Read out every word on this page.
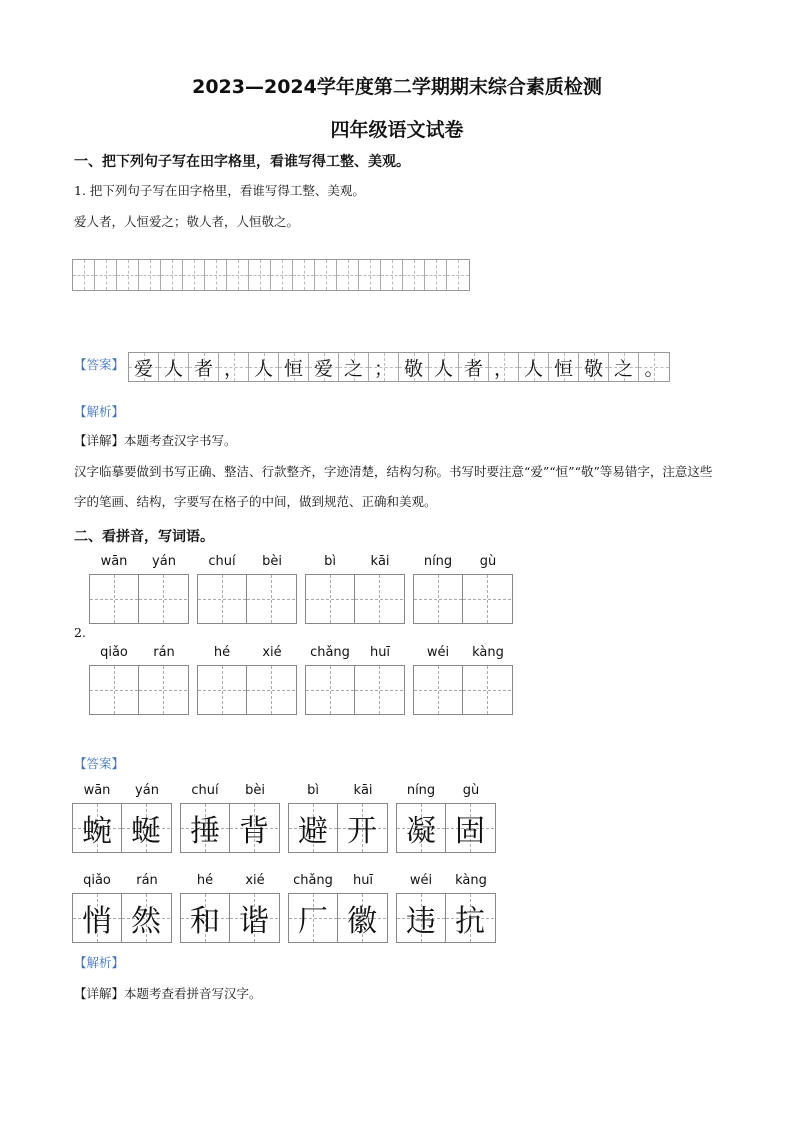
2023—2024学年度第二学期期末综合素质检测
四年级语文试卷
一、把下列句子写在田字格里，看谁写得工整、美观。
1. 把下列句子写在田字格里，看谁写得工整、美观。
爱人者，人恒爱之；敬人者，人恒敬之。
【答案】 爱 人 者 ， 人 恒 爱 之 ； 敬 人 者 ， 人 恒 敬 之 。
【解析】
【详解】本题考查汉字书写。
汉字临摹要做到书写正确、整洁、行款整齐，字迹清楚，结构匀称。书写时要注意“爱”“恒”“敬”等易错字，注意这些字的笔画、结构，字要写在格子的中间，做到规范、正确和美观。
二、看拼音，写词语。
wān	yán	chuí	bèi	bì	kāi	níng	gù
2.
qiǎo	rán	hé	xié	chǎng	huī	wéi	kàng
【答案】
wān	yán
蜿 蜒
chuí	bèi
捶 背
bì	kāi
避 开
níng	gù
凝 固
qiǎo	rán
悄 然
hé	xié
和 谐
chǎng	huī
厂 徽
wéi	kàng
违 抗
【解析】
【详解】本题考查看拼音写汉字。
